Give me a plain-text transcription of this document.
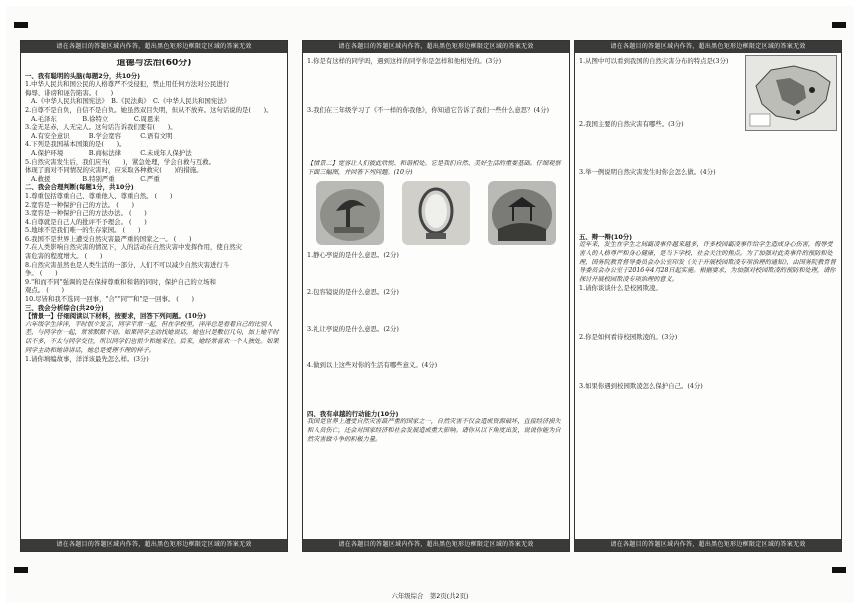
请在各题目的答题区域内作答，超出黑色矩形边框限定区域的答案无效

道德与法治(60分)

一、我有聪明的头脑(每题2分，共10分)

1.中华人民共和国公民的人格尊严不受侵犯，禁止用任何方法对公民进行

侮辱、诽谤和诬告陷害。(　　)

A.《中华人民共和国宪法》　B.《民法典》　C.《中华人民共和国宪法》

2.自尊不是自负，自信不是自负。她虽然双目失明，但从不放弃。这句话说的是(　　)。

A.毛泽东　　　　B.徐特立　　　　C.周恩来

3.金无足赤，人无完人。这句话告诉我们要有(　　)。

A.有安全意识　　　B.学会宽容　　　C.语有文明

4.下列是我国基本国策的是(　　)。

A.保护环境　　　　B.商标法律　　　C.未成年人保护法

5.自然灾害发生后，我们应当(　　)，紧急处理，学会自救与互救。

体现了面对不同情况的灾害时，应采取各种救灾(　　)的措施。

A.救援　　　　　B.特别严重　　　　C.严重

二、我会合理判断(每题1分，共10分)

1.尊重包括尊重自己、尊重他人、尊重自然。 (　　)

2.宽容是一种保护自己的方法。 (　　)

3.宽容是一种保护自己的方法办法。 (　　)

4.自尊就是自己人的批评不予理会。 (　　)

5.地球不是我们唯一的生存家园。 (　　)

6.我国不是世界上遭受自然灾害最严重的国家之一。 (　　)

7.在人类影响自然灾害的情况下，人的活动在自然灾害中发挥作用，使自然灾

害危害的程度增大。 (　　)

8.自然灾害虽然也是人类生活的一部分，人们不可以减少自然灾害进行斗

争。 (　　)

9."和而不同"强调的是在保持尊重和和谐的同时，保护自己的立场和

观点。 (　　)

10.尽皆和我不选同一回事，"合""同""和"是一回事。 (　　)

三、我会分析综合(共20分)

【情景一】仔细阅读以下材料，按要求，回答下列问题。(10分)

六年级学生洋洋，平时很少发言，同学平常一起，但在学校里，洋洋总是看着自己的比别人差，与同学在一起，常常默默不语。如果同学主动找她说话，她也只是敷衍几句，加上她平时话不多，不太与同学交往，所以同学们也很少和她来往。后来，她经常喜欢一个人独处。如果同学主动和她讲讲话，她总是爱理不理的样子。

1.请你填编故事，洋洋该最先怎么样。(3分)

请在各题目的答题区域内作答，超出黑色矩形边框限定区域的答案无效
请在各题目的答题区域内作答，超出黑色矩形边框限定区域的答案无效

1.你是有这样的同学吗，遇到这样的同学你是怎样和他相处的。(3分)

3.我们在三年级学习了《不一样的你我他》，你知道它告诉了我们一些什么意思？(4分)

【情景二】宽容让人们彼此欣悦、和谐相处。它是我们自然、美好生活的重要基础。仔细观察下面三幅图，并回答下列问题。(10分)

1.静心亭说的是什么意思。(2分)

2.包容镜说的是什么意思。(2分)

3.礼让亭说的是什么意思。(2分)

4.做到以上这些对你的生活有哪些意义。(4分)

四、我有卓越的行动能力(10分)

我国是世界上遭受自然灾害最严重的国家之一，自然灾害不仅会造成资源破坏，直接经济损失和人员伤亡，还会对国家经济和社会发展造成重大影响。请你从以下角度出发，说说你能为自然灾害做斗争的积极力量。

请在各题目的答题区域内作答，超出黑色矩形边框限定区域的答案无效
请在各题目的答题区域内作答，超出黑色矩形边框限定区域的答案无效

1.从图中可以看到我国的自然灾害分布的特点是(3分)

2.我国主要的自然灾害有哪些。(3分)

3.举一例说明自然灾害发生时你会怎么做。(4分)

五、辩一辩(10分)

近年来，发生在学生之间霸凌事件越来越多，许多校园霸凌事件给学生造成身心伤害，侮辱受害人的人格尊严和身心健康，是当下学校、社会关注的焦点。为了加强对此类事件的预防和处理，国务院教育督导委员会办公室印发《关于开展校园欺凌专项治理的通知》，由国务院教育督导委员会办公室于2016年4月28日起实施。根据要求，为加强对校园欺凌的预防和处理，请你探讨开展校园欺凌专项治理的意义。

1.请你谈谈什么是校园欺凌。

2.你是如何看待校园欺凌的。(3分)

3.如果你遇到校园欺凌怎么保护自己。(4分)

请在各题目的答题区域内作答，超出黑色矩形边框限定区域的答案无效
六年级综合　第2页(共2页)
